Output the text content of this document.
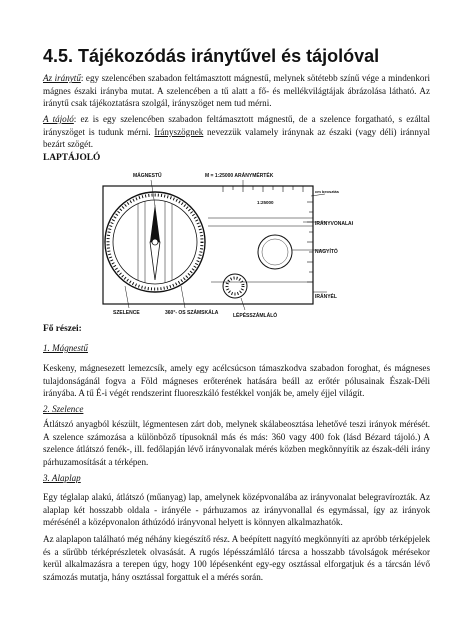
4.5. Tájékozódás iránytűvel és tájolóval
Az iránytű: egy szelencében szabadon feltámasztott mágnestű, melynek sötétebb színű vége a mindenkori mágnes északi irányba mutat. A szelencében a tű alatt a fő- és mellékvilágtájak ábrázolása látható. Az iránytű csak tájékoztatásra szolgál, irányszöget nem tud mérni.
A tájoló: ez is egy szelencében szabadon feltámasztott mágnestű, de a szelence forgatható, s ezáltal irányszöget is tudunk mérni. Irányszögnek nevezzük valamely iránynak az északi (vagy déli) iránnyal bezárt szögét.
LAPTÁJOLÓ
MÁGNESTŰ	M = 1:25000 ARÁNYMÉRTÉK
cm beosztás
1:25000
IRÁNYVONALAK
NAGYÍTÓ
IRÁNYÉL
SZELENCE	360°- OS SZÁMSKÁLA	LÉPÉSSZÁMLÁLÓ
Fő részei:
1. Mágnestű
Keskeny, mágnesezett lemezcsík, amely egy acélcsúcson támaszkodva szabadon foroghat, és mágneses tulajdonságánál fogva a Föld mágneses erőterének hatására beáll az erőtér pólusainak Észak-Déli irányába. A tű É-i végét rendszerint fluoreszkáló festékkel vonják be, amely éjjel világít.
2. Szelence
Átlátszó anyagból készült, légmentesen zárt dob, melynek skálabeosztása lehetővé teszi irányok mérését. A szelence számozása a különböző típusoknál más és más: 360 vagy 400 fok (lásd Bézard tájoló.) A szelence átlátszó fenék-, ill. fedőlapján lévő irányvonalak mérés közben megkönnyítik az észak-déli irány párhuzamosítását a térképen.
3. Alaplap
Egy téglalap alakú, átlátszó (műanyag) lap, amelynek középvonalába az irányvonalat belegravírozták. Az alaplap két hosszabb oldala - irányéle - párhuzamos az irányvonallal és egymással, így az irányok mérésénél a középvonalon áthúzódó irányvonal helyett is könnyen alkalmazhatók.
Az alaplapon található még néhány kiegészítő rész. A beépített nagyító megkönnyíti az apróbb térképjelek és a sűrűbb térképrészletek olvasását. A rugós lépésszámláló tárcsa a hosszabb távolságok mérésekor kerül alkalmazásra a terepen úgy, hogy 100 lépésenként egy-egy osztással elforgatjuk és a tárcsán lévő számozás mutatja, hány osztással forgattuk el a mérés során.
